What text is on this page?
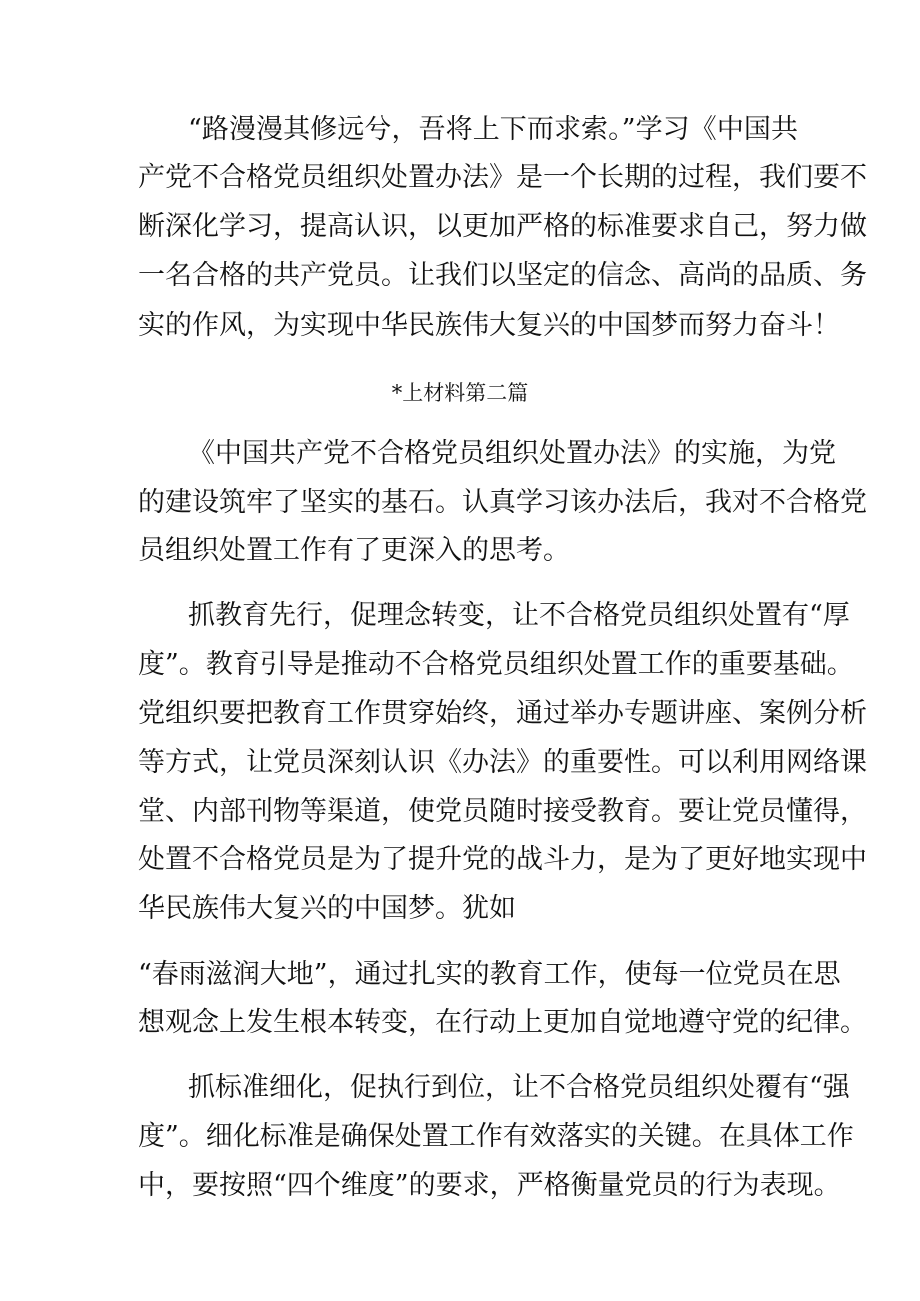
“路漫漫其修远兮，吾将上下而求索。”学习《中国共
产党不合格党员组织处置办法》是一个长期的过程，我们要不
断深化学习，提高认识，以更加严格的标准要求自己，努力做
一名合格的共产党员。让我们以坚定的信念、高尚的品质、务
实的作风，为实现中华民族伟大复兴的中国梦而努力奋斗！
*上材料第二篇
《中国共产党不合格党员组织处置办法》的实施，为党
的建设筑牢了坚实的基石。认真学习该办法后，我对不合格党
员组织处置工作有了更深入的思考。
抓教育先行，促理念转变，让不合格党员组织处置有“厚
度”。教育引导是推动不合格党员组织处置工作的重要基础。
党组织要把教育工作贯穿始终，通过举办专题讲座、案例分析
等方式，让党员深刻认识《办法》的重要性。可以利用网络课
堂、内部刊物等渠道，使党员随时接受教育。要让党员懂得，
处置不合格党员是为了提升党的战斗力，是为了更好地实现中
华民族伟大复兴的中国梦。犹如
“春雨滋润大地”，通过扎实的教育工作，使每一位党员在思
想观念上发生根本转变，在行动上更加自觉地遵守党的纪律。
抓标准细化，促执行到位，让不合格党员组织处覆有“强
度”。细化标准是确保处置工作有效落实的关键。在具体工作
中，要按照“四个维度”的要求，严格衡量党员的行为表现。
